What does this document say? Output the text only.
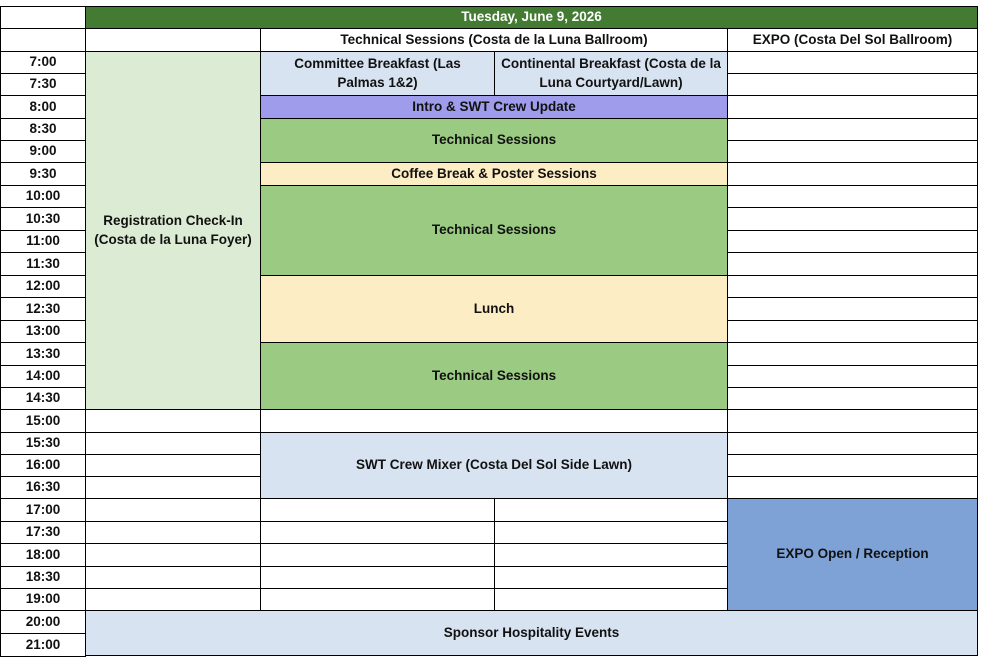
Tuesday, June 9, 2026
Technical Sessions (Costa de la Luna Ballroom)	EXPO (Costa Del Sol Ballroom)
7:00
7:30
8:00
8:30
9:00
9:30
10:00
10:30
11:00
11:30
12:00
12:30
13:00
13:30
14:00
14:30
15:00
15:30
16:00
16:30
17:00
17:30
18:00
18:30
19:00
20:00
21:00
Registration Check-In (Costa de la Luna Foyer)
Committee Breakfast (Las Palmas 1&2)
Continental Breakfast (Costa de la Luna Courtyard/Lawn)
Intro & SWT Crew Update
Technical Sessions
Coffee Break & Poster Sessions
Technical Sessions
Lunch
Technical Sessions
SWT Crew Mixer (Costa Del Sol Side Lawn)
EXPO Open / Reception
Sponsor Hospitality Events
